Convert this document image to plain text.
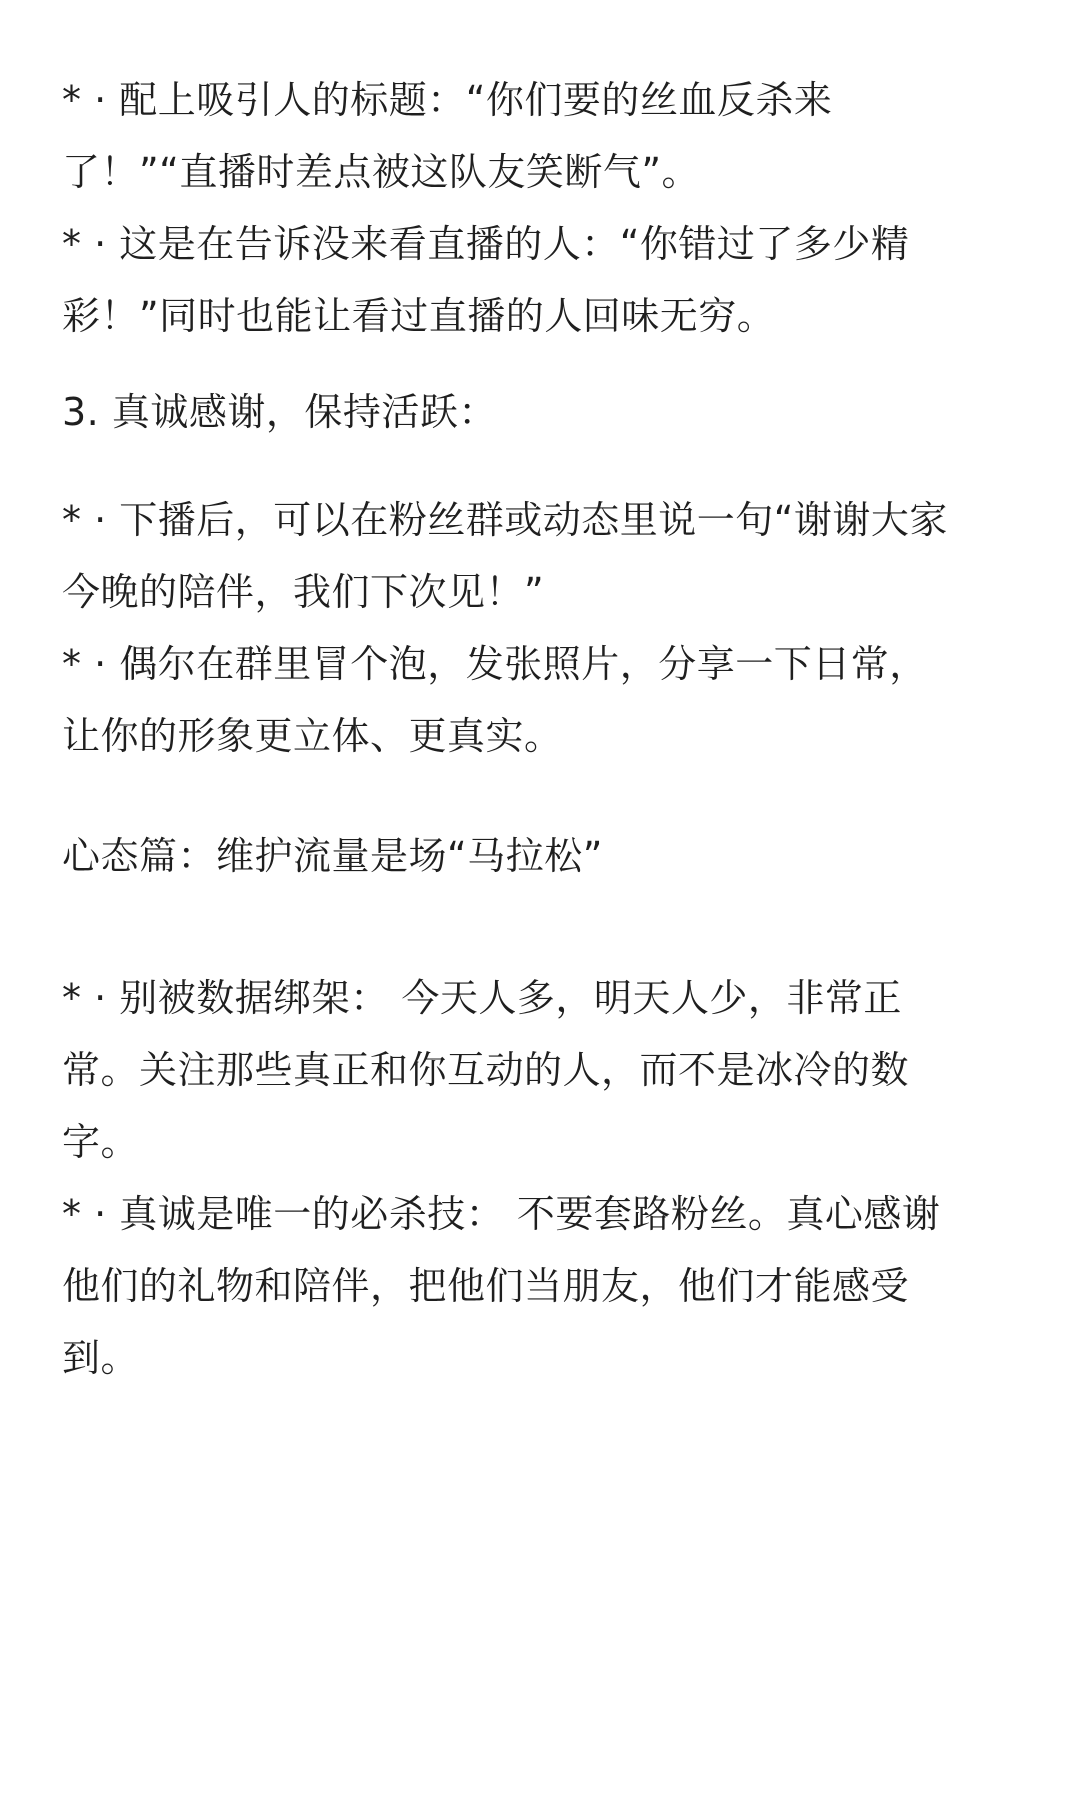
* · 配上吸引人的标题：“你们要的丝血反杀来
了！”“直播时差点被这队友笑断气”。

* · 这是在告诉没来看直播的人：“你错过了多少精
彩！”同时也能让看过直播的人回味无穷。

3. 真诚感谢，保持活跃：

* · 下播后，可以在粉丝群或动态里说一句“谢谢大家
今晚的陪伴，我们下次见！”

* · 偶尔在群里冒个泡，发张照片，分享一下日常，
让你的形象更立体、更真实。

心态篇：维护流量是场“马拉松”

* · 别被数据绑架： 今天人多，明天人少，非常正
常。关注那些真正和你互动的人，而不是冰冷的数
字。

* · 真诚是唯一的必杀技： 不要套路粉丝。真心感谢
他们的礼物和陪伴，把他们当朋友，他们才能感受
到。
